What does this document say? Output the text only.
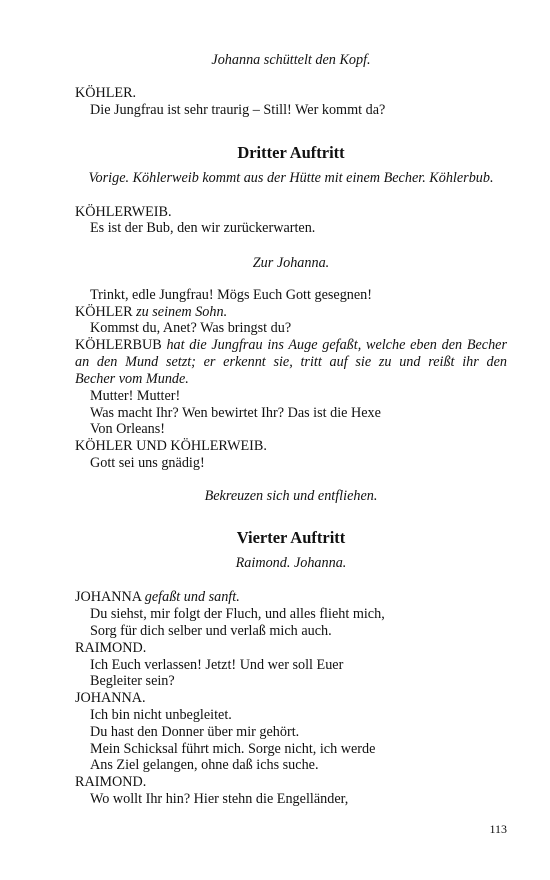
Johanna schüttelt den Kopf.
KÖHLER.
Die Jungfrau ist sehr traurig – Still! Wer kommt da?
Dritter Auftritt
Vorige. Köhlerweib kommt aus der Hütte mit einem Becher. Köhlerbub.
KÖHLERWEIB.
Es ist der Bub, den wir zurückerwarten.
Zur Johanna.
Trinkt, edle Jungfrau! Mögs Euch Gott gesegnen!
KÖHLER zu seinem Sohn.
Kommst du, Anet? Was bringst du?
KÖHLERBUB hat die Jungfrau ins Auge gefaßt, welche eben den Becher
an den Mund setzt; er erkennt sie, tritt auf sie zu und reißt ihr den
Becher vom Munde.
Mutter! Mutter!
Was macht Ihr? Wen bewirtet Ihr? Das ist die Hexe
Von Orleans!
KÖHLER UND KÖHLERWEIB.
Gott sei uns gnädig!
Bekreuzen sich und entfliehen.
Vierter Auftritt
Raimond. Johanna.
JOHANNA gefaßt und sanft.
Du siehst, mir folgt der Fluch, und alles flieht mich,
Sorg für dich selber und verlaß mich auch.
RAIMOND.
Ich Euch verlassen! Jetzt! Und wer soll Euer
Begleiter sein?
JOHANNA.
Ich bin nicht unbegleitet.
Du hast den Donner über mir gehört.
Mein Schicksal führt mich. Sorge nicht, ich werde
Ans Ziel gelangen, ohne daß ichs suche.
RAIMOND.
Wo wollt Ihr hin? Hier stehn die Engelländer,
113
